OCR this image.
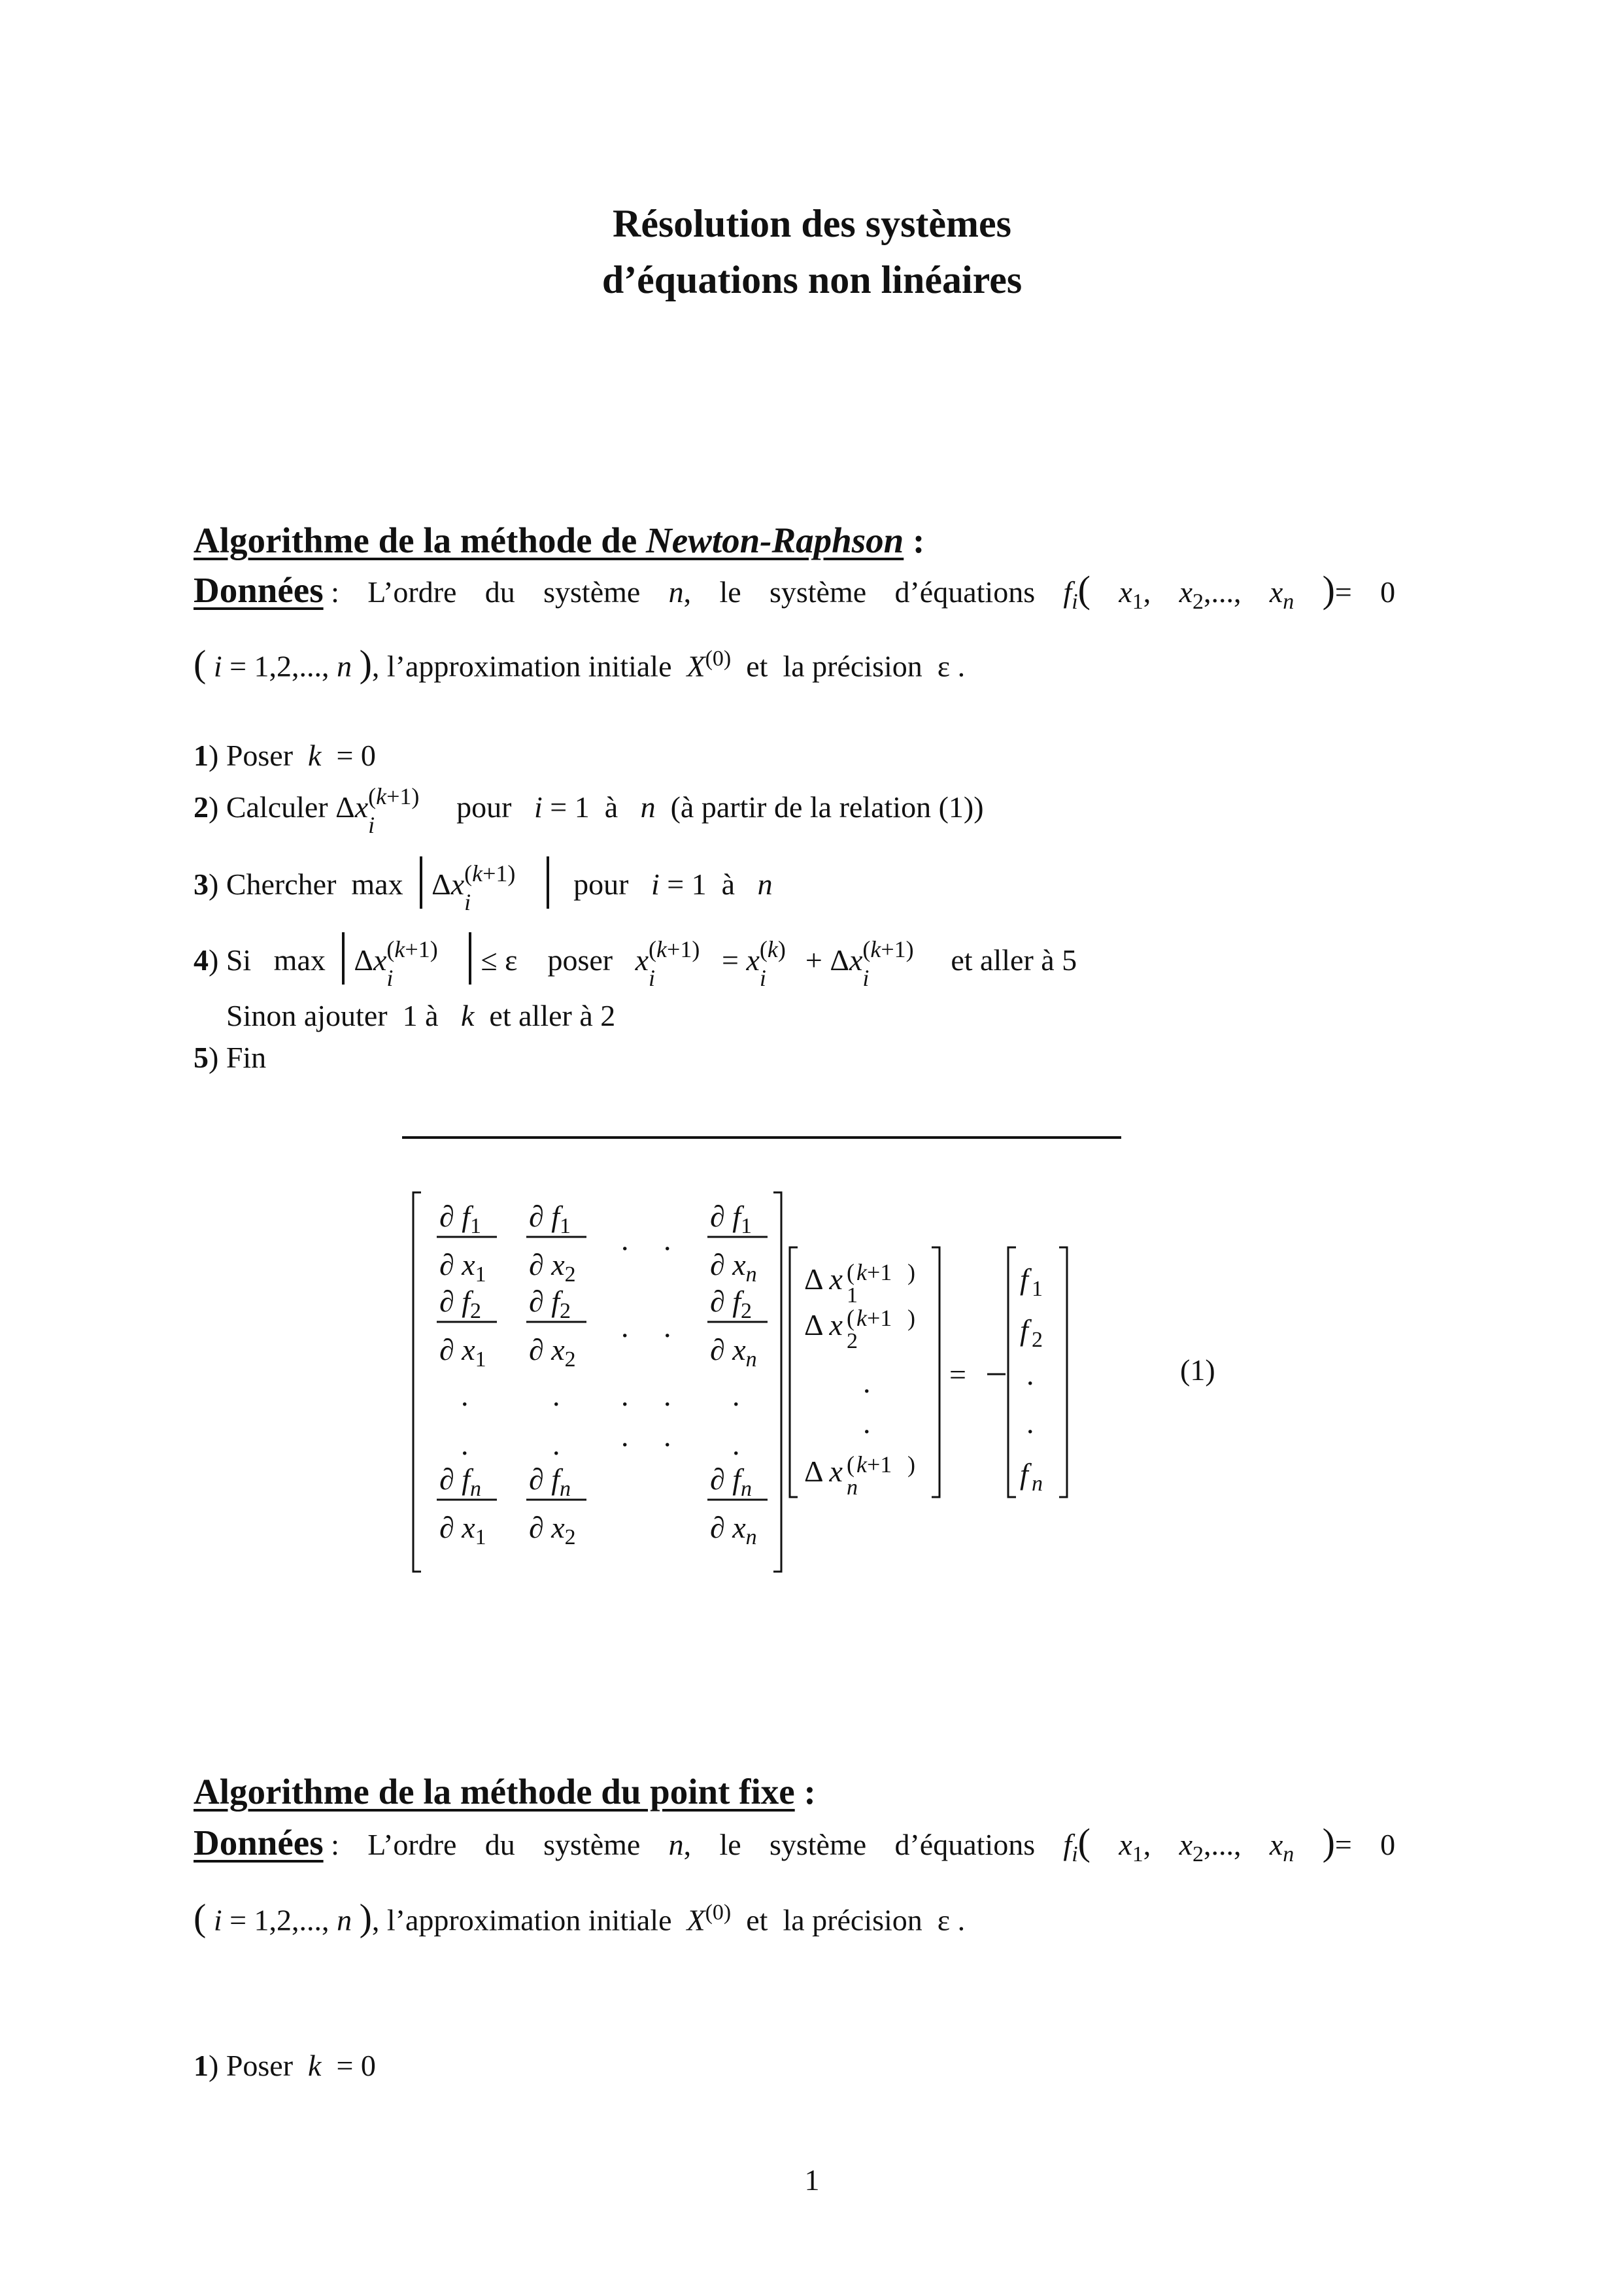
Résolution des systèmes
d’équations non linéaires
Algorithme de la méthode de Newton-Raphson :
Données : L’ordre du système n, le système d’équations $f_i$( $x_1$, $x_2$,..., $x_n$ )= 0
( i = 1,2,..., n ), l’approximation initiale  $X^{(0)}$  et  la précision  ε .
1) Poser  k  = 0
2) Calculer Δx (k+1)
i
pour   i = 1  à   n  (à partir de la relation (1))
3) Chercher  max Δx (k+1)
i
pour   i = 1  à   n
4) Si   max Δx (k+1)
i
≤ ε    poser   x (k+1)
i
= x (k)
i
+ Δx (k+1)
i
et aller à 5
Sinon ajouter  1 à   k  et aller à 2
5) Fin
∂ $f_1$
∂ $x_1$
∂ $f_1$
∂ $x_2$
∂ $f_1$
∂ $x_n$
. .
∂ $f_2$
∂ $x_1$
∂ $f_2$
∂ $x_2$
∂ $f_2$
∂ $x_n$
. .
.	. . . .
.	. . . .
∂ $f_n$
∂ $x_1$
∂ $f_n$
∂ $x_2$
∂ $f_n$
∂ $x_n$
Δ x ( k+1 )
1
Δ x ( k+1 )
2
.
.
Δ x ( k+1 )
n
=
f 1
f 2
.
.
f n
(1)
Algorithme de la méthode du point fixe :
Données : L’ordre du système n, le système d’équations $f_i$( $x_1$, $x_2$,..., $x_n$ )= 0
( i = 1,2,..., n ), l’approximation initiale  $X^{(0)}$  et  la précision  ε .
1) Poser  k  = 0
1
